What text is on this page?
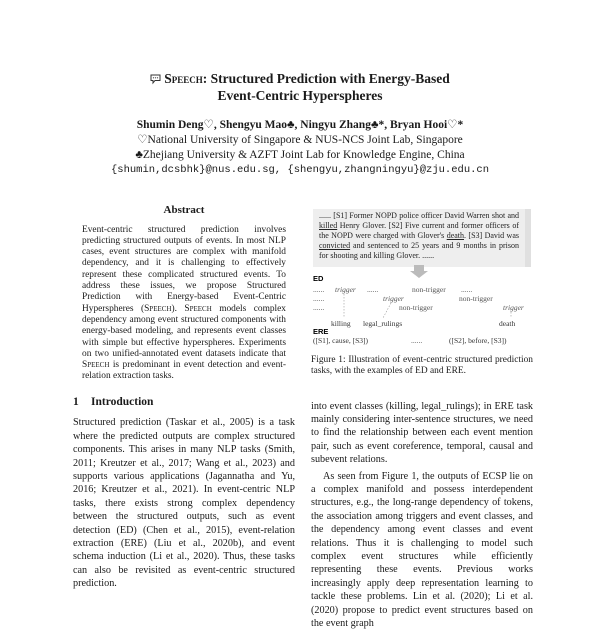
Speech: Structured Prediction with Energy-Based
Event-Centric Hyperspheres
Shumin Deng♡, Shengyu Mao♣, Ningyu Zhang♣*, Bryan Hooi♡*
♡National University of Singapore & NUS-NCS Joint Lab, Singapore
♣Zhejiang University & AZFT Joint Lab for Knowledge Engine, China
{shumin,dcsbhk}@nus.edu.sg, {shengyu,zhangningyu}@zju.edu.cn
Abstract
Event-centric structured prediction involves predicting structured outputs of events. In most NLP cases, event structures are complex with manifold dependency, and it is challenging to effectively represent these complicated structured events. To address these issues, we propose Structured Prediction with Energy-based Event-Centric Hyperspheres (Speech). Speech models complex dependency among event structured components with energy-based modeling, and represents event classes with simple but effective hyperspheres. Experiments on two unified-annotated event datasets indicate that Speech is predominant in event detection and event-relation extraction tasks.
1 Introduction
Structured prediction (Taskar et al., 2005) is a task where the predicted outputs are complex structured components. This arises in many NLP tasks (Smith, 2011; Kreutzer et al., 2017; Wang et al., 2023) and supports various applications (Jagannatha and Yu, 2016; Kreutzer et al., 2021). In event-centric NLP tasks, there exists strong complex dependency between the structured outputs, such as event detection (ED) (Chen et al., 2015), event-relation extraction (ERE) (Liu et al., 2020b), and event schema induction (Li et al., 2020). Thus, these tasks can also be revisited as event-centric structured prediction.
...... [S1] Former NOPD police officer David Warren shot and killed Henry Glover. [S2] Five current and former officers of the NOPD were charged with Glover's death. [S3] David was convicted and sentenced to 25 years and 9 months in prison for shooting and killing Glover. ......
ED
...... trigger ......	non-trigger ......
......	trigger	non-trigger
......	non-trigger	trigger
killing legal_rulings	death
ERE
([S1], cause, [S3])	......	([S2], before, [S3])
Figure 1: Illustration of event-centric structured prediction tasks, with the examples of ED and ERE.
into event classes (killing, legal_rulings); in ERE task mainly considering inter-sentence structures, we need to find the relationship between each event mention pair, such as event coreference, temporal, causal and subevent relations.
As seen from Figure 1, the outputs of ECSP lie on a complex manifold and possess interdependent structures, e.g., the long-range dependency of tokens, the association among triggers and event classes, and the dependency among event classes and event relations. Thus it is challenging to model such complex event structures while efficiently representing these events. Previous works increasingly apply deep representation learning to tackle these problems. Lin et al. (2020); Li et al. (2020) propose to predict event structures based on the event graph
